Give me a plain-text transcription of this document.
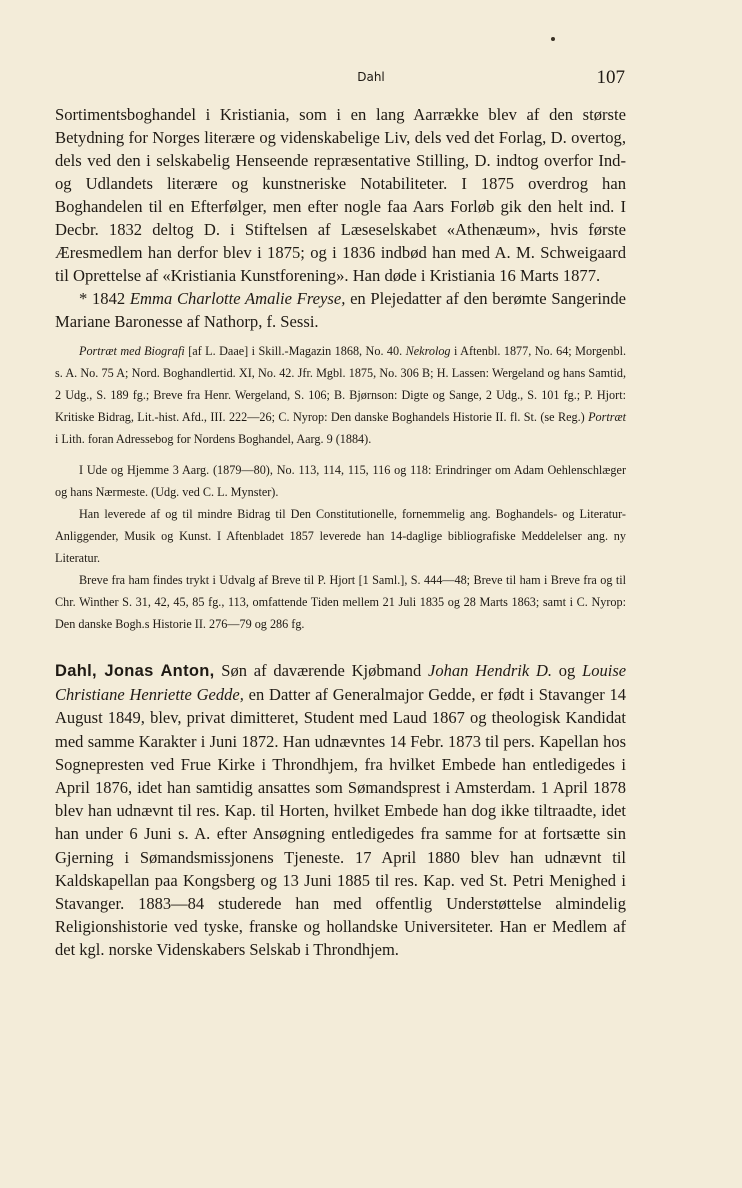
Dahl	107

Sortimentsboghandel i Kristiania, som i en lang Aarrække blev af den største Betydning for Norges literære og videnskabelige Liv, dels ved det Forlag, D. overtog, dels ved den i selskabelig Henseende repræsentative Stilling, D. indtog overfor Ind- og Udlandets literære og kunstneriske Notabiliteter. I 1875 overdrog han Boghandelen til en Efterfølger, men efter nogle faa Aars Forløb gik den helt ind. I Decbr. 1832 deltog D. i Stiftelsen af Læseselskabet «Athenæum», hvis første Æresmedlem han derfor blev i 1875; og i 1836 indbød han med A. M. Schweigaard til Oprettelse af «Kristiania Kunstforening». Han døde i Kristiania 16 Marts 1877.

* 1842 Emma Charlotte Amalie Freyse, en Plejedatter af den berømte Sangerinde Mariane Baronesse af Nathorp, f. Sessi.

Portræt med Biografi [af L. Daae] i Skill.-Magazin 1868, No. 40. Nekrolog i Aftenbl. 1877, No. 64; Morgenbl. s. A. No. 75 A; Nord. Boghandlertid. XI, No. 42. Jfr. Mgbl. 1875, No. 306 B; H. Lassen: Wergeland og hans Samtid, 2 Udg., S. 189 fg.; Breve fra Henr. Wergeland, S. 106; B. Bjørnson: Digte og Sange, 2 Udg., S. 101 fg.; P. Hjort: Kritiske Bidrag, Lit.-hist. Afd., III. 222—26; C. Nyrop: Den danske Boghandels Historie II. fl. St. (se Reg.) Portræt i Lith. foran Adressebog for Nordens Boghandel, Aarg. 9 (1884).

I Ude og Hjemme 3 Aarg. (1879—80), No. 113, 114, 115, 116 og 118: Erindringer om Adam Oehlenschlæger og hans Nærmeste. (Udg. ved C. L. Mynster).

Han leverede af og til mindre Bidrag til Den Constitutionelle, fornemmelig ang. Boghandels- og Literatur-Anliggender, Musik og Kunst. I Aftenbladet 1857 leverede han 14-daglige bibliografiske Meddelelser ang. ny Literatur.

Breve fra ham findes trykt i Udvalg af Breve til P. Hjort [1 Saml.], S. 444—48; Breve til ham i Breve fra og til Chr. Winther S. 31, 42, 45, 85 fg., 113, omfattende Tiden mellem 21 Juli 1835 og 28 Marts 1863; samt i C. Nyrop: Den danske Bogh.s Historie II. 276—79 og 286 fg.

Dahl, Jonas Anton, Søn af daværende Kjøbmand Johan Hendrik D. og Louise Christiane Henriette Gedde, en Datter af Generalmajor Gedde, er født i Stavanger 14 August 1849, blev, privat dimitteret, Student med Laud 1867 og theologisk Kandidat med samme Karakter i Juni 1872. Han udnævntes 14 Febr. 1873 til pers. Kapellan hos Sognepresten ved Frue Kirke i Throndhjem, fra hvilket Embede han entledigedes i April 1876, idet han samtidig ansattes som Sømandsprest i Amsterdam. 1 April 1878 blev han udnævnt til res. Kap. til Horten, hvilket Embede han dog ikke tiltraadte, idet han under 6 Juni s. A. efter Ansøgning entledigedes fra samme for at fortsætte sin Gjerning i Sømandsmissjonens Tjeneste. 17 April 1880 blev han udnævnt til Kaldskapellan paa Kongsberg og 13 Juni 1885 til res. Kap. ved St. Petri Menighed i Stavanger. 1883—84 studerede han med offentlig Understøttelse almindelig Religionshistorie ved tyske, franske og hollandske Universiteter. Han er Medlem af det kgl. norske Videnskabers Selskab i Throndhjem.
